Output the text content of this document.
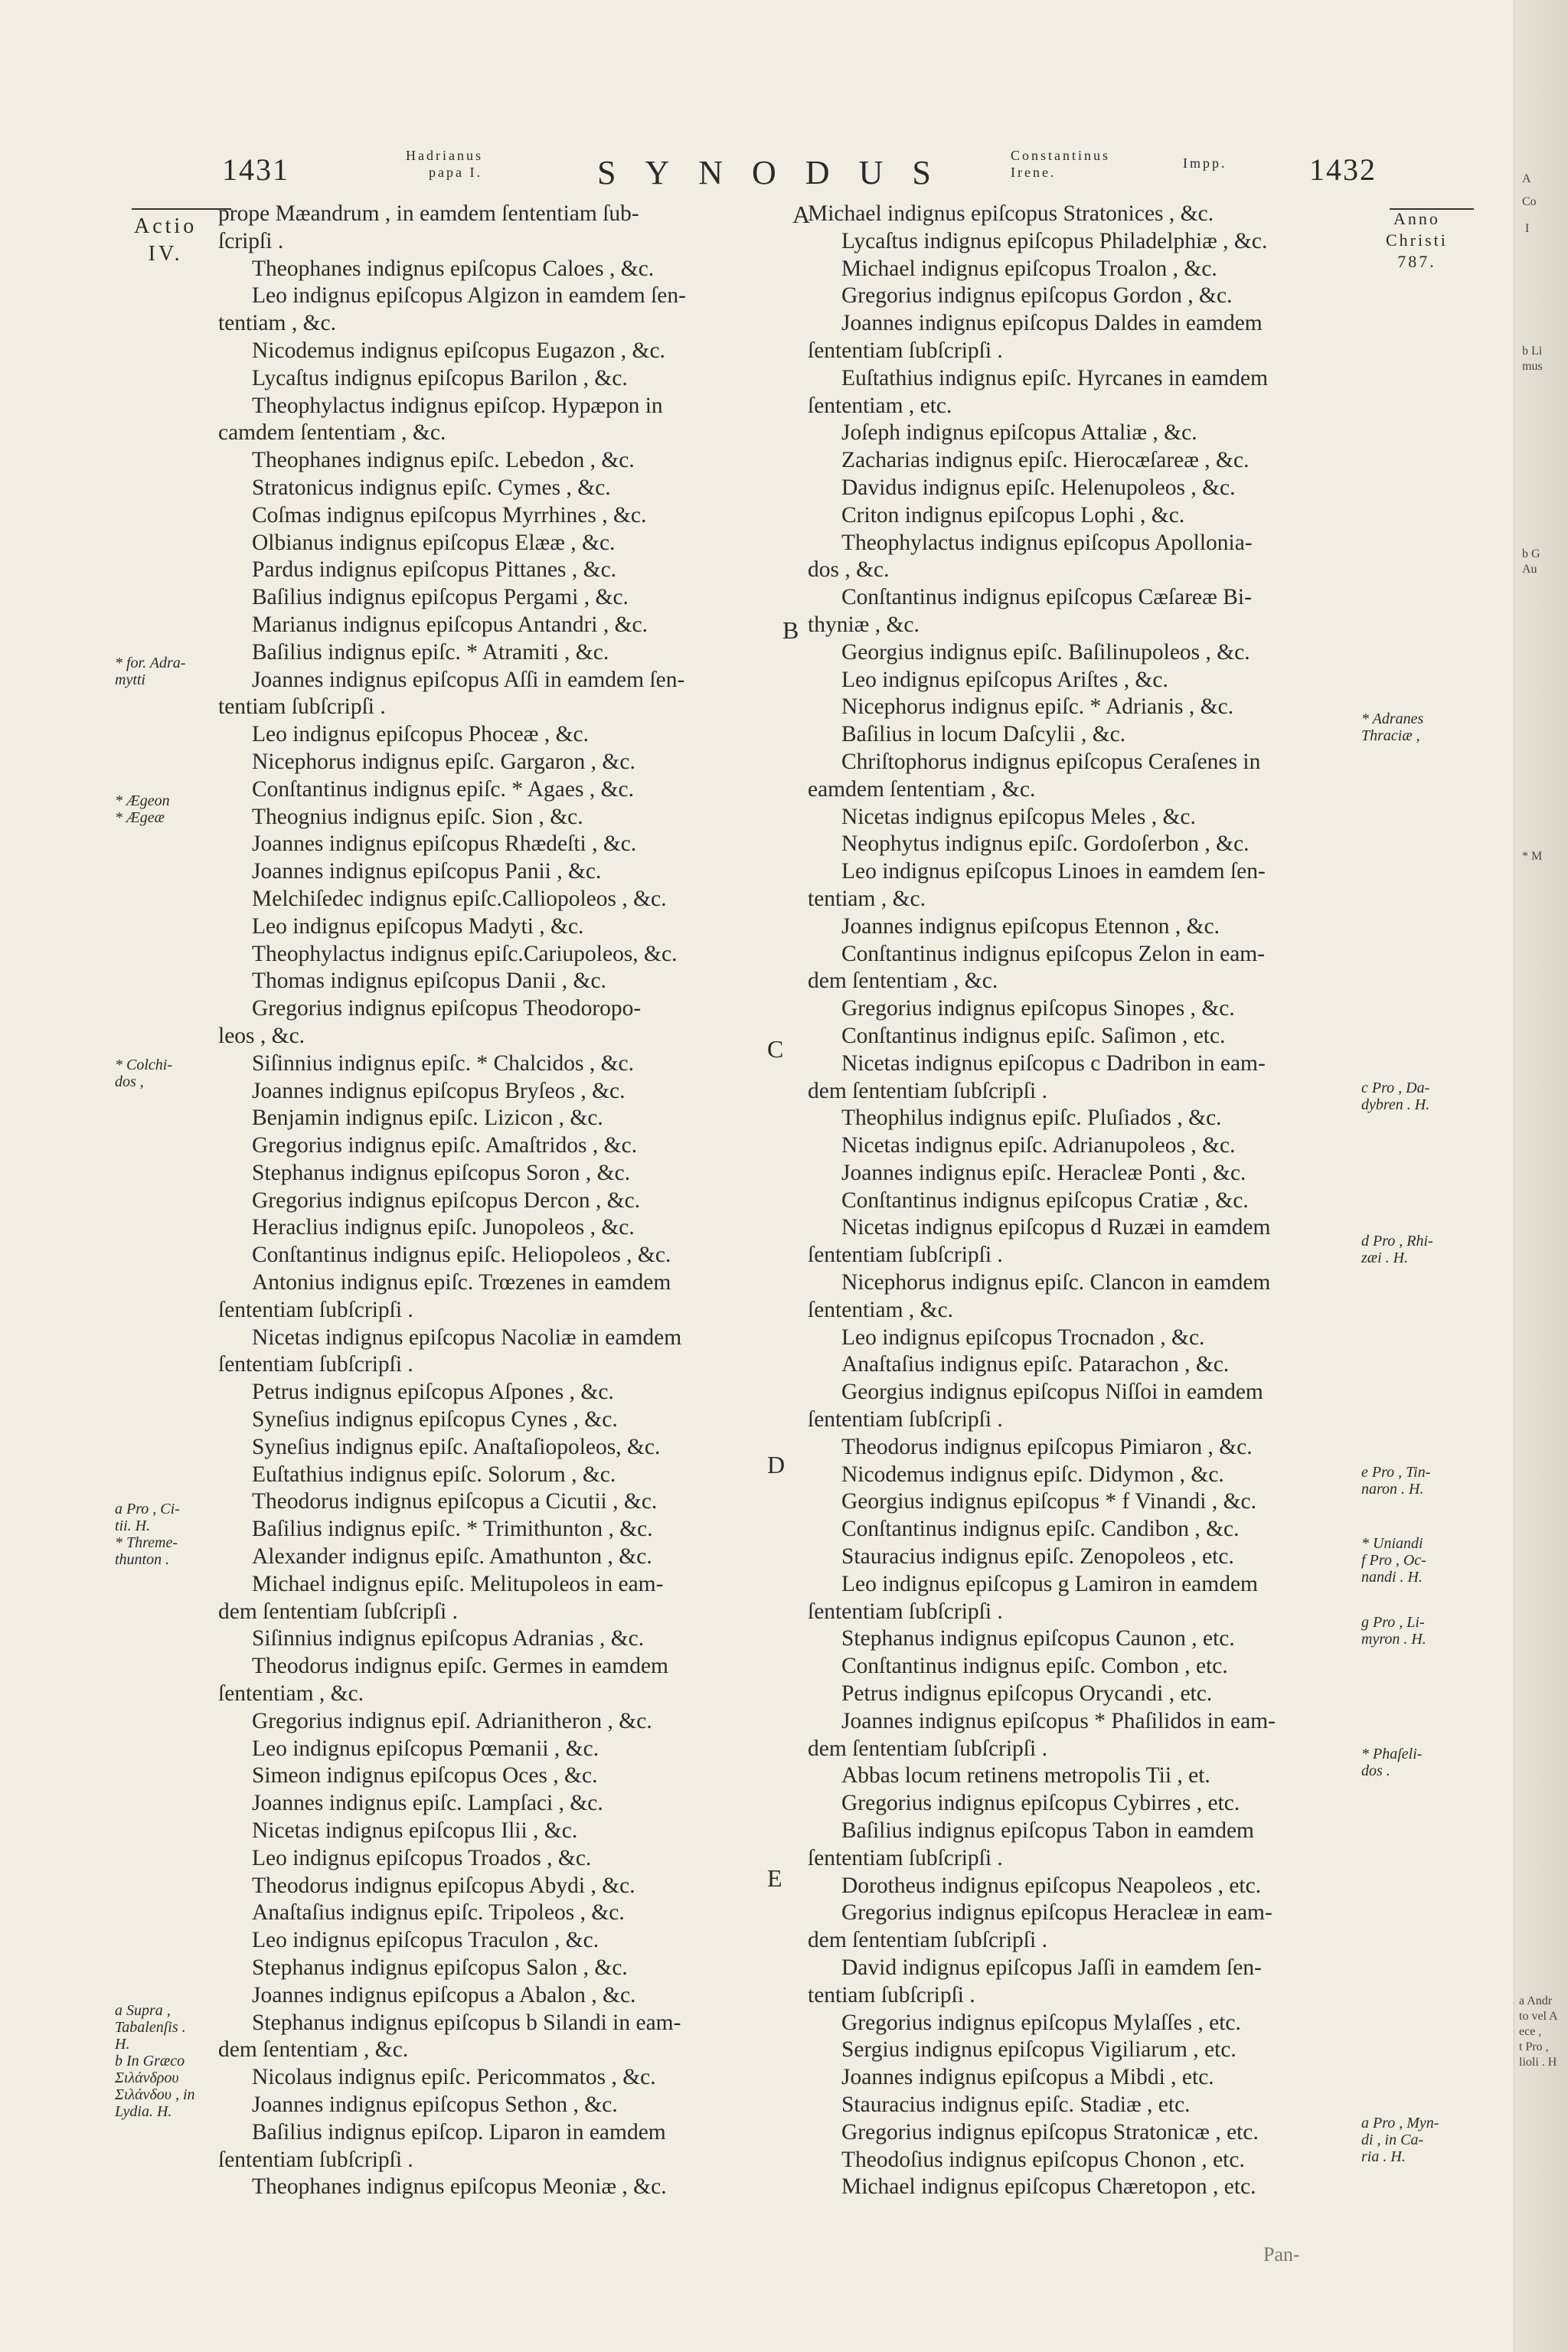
A
Co
I
b Li
mus
b G
Au
* M
a Andr
to vel A
ece ,
t Pro ,
lioli . H
1431	Hadrianus
papa I.	SYNODUS	Constantinus
Irene.
Impp.	1432
Actio
IV.
Anno
Christi
787.
prope Mæandrum , in eamdem ſententiam ſub-
ſcripſi .
Theophanes indignus epiſcopus Caloes , &c.
Leo indignus epiſcopus Algizon in eamdem ſen-
tentiam , &c.
Nicodemus indignus epiſcopus Eugazon , &c.
Lycaſtus indignus epiſcopus Barilon , &c.
Theophylactus indignus epiſcop. Hypæpon in
camdem ſententiam , &c.
Theophanes indignus epiſc. Lebedon , &c.
Stratonicus indignus epiſc. Cymes , &c.
Coſmas indignus epiſcopus Myrrhines , &c.
Olbianus indignus epiſcopus Elææ , &c.
Pardus indignus epiſcopus Pittanes , &c.
Baſilius indignus epiſcopus Pergami , &c.
Marianus indignus epiſcopus Antandri , &c.
Baſilius indignus epiſc. * Atramiti , &c.
Joannes indignus epiſcopus Aſſi in eamdem ſen-
tentiam ſubſcripſi .
Leo indignus epiſcopus Phoceæ , &c.
Nicephorus indignus epiſc. Gargaron , &c.
Conſtantinus indignus epiſc. * Agaes , &c.
Theognius indignus epiſc. Sion , &c.
Joannes indignus epiſcopus Rhædeſti , &c.
Joannes indignus epiſcopus Panii , &c.
Melchiſedec indignus epiſc.Calliopoleos , &c.
Leo indignus epiſcopus Madyti , &c.
Theophylactus indignus epiſc.Cariupoleos, &c.
Thomas indignus epiſcopus Danii , &c.
Gregorius indignus epiſcopus Theodoropo-
leos , &c.
Siſinnius indignus epiſc. * Chalcidos , &c.
Joannes indignus epiſcopus Bryſeos , &c.
Benjamin indignus epiſc. Lizicon , &c.
Gregorius indignus epiſc. Amaſtridos , &c.
Stephanus indignus epiſcopus Soron , &c.
Gregorius indignus epiſcopus Dercon , &c.
Heraclius indignus epiſc. Junopoleos , &c.
Conſtantinus indignus epiſc. Heliopoleos , &c.
Antonius indignus epiſc. Trœzenes in eamdem
ſententiam ſubſcripſi .
Nicetas indignus epiſcopus Nacoliæ in eamdem
ſententiam ſubſcripſi .
Petrus indignus epiſcopus Aſpones , &c.
Syneſius indignus epiſcopus Cynes , &c.
Syneſius indignus epiſc. Anaſtaſiopoleos, &c.
Euſtathius indignus epiſc. Solorum , &c.
Theodorus indignus epiſcopus a Cicutii , &c.
Baſilius indignus epiſc. * Trimithunton , &c.
Alexander indignus epiſc. Amathunton , &c.
Michael indignus epiſc. Melitupoleos in eam-
dem ſententiam ſubſcripſi .
Siſinnius indignus epiſcopus Adranias , &c.
Theodorus indignus epiſc. Germes in eamdem
ſententiam , &c.
Gregorius indignus epiſ. Adrianitheron , &c.
Leo indignus epiſcopus Pœmanii , &c.
Simeon indignus epiſcopus Oces , &c.
Joannes indignus epiſc. Lampſaci , &c.
Nicetas indignus epiſcopus Ilii , &c.
Leo indignus epiſcopus Troados , &c.
Theodorus indignus epiſcopus Abydi , &c.
Anaſtaſius indignus epiſc. Tripoleos , &c.
Leo indignus epiſcopus Traculon , &c.
Stephanus indignus epiſcopus Salon , &c.
Joannes indignus epiſcopus a Abalon , &c.
Stephanus indignus epiſcopus b Silandi in eam-
dem ſententiam , &c.
Nicolaus indignus epiſc. Pericommatos , &c.
Joannes indignus epiſcopus Sethon , &c.
Baſilius indignus epiſcop. Liparon in eamdem
ſententiam ſubſcripſi .
Theophanes indignus epiſcopus Meoniæ , &c.
Michael indignus epiſcopus Stratonices , &c.
Lycaſtus indignus epiſcopus Philadelphiæ , &c.
Michael indignus epiſcopus Troalon , &c.
Gregorius indignus epiſcopus Gordon , &c.
Joannes indignus epiſcopus Daldes in eamdem
ſententiam ſubſcripſi .
Euſtathius indignus epiſc. Hyrcanes in eamdem
ſententiam , etc.
Joſeph indignus epiſcopus Attaliæ , &c.
Zacharias indignus epiſc. Hierocæſareæ , &c.
Davidus indignus epiſc. Helenupoleos , &c.
Criton indignus epiſcopus Lophi , &c.
Theophylactus indignus epiſcopus Apollonia-
dos , &c.
Conſtantinus indignus epiſcopus Cæſareæ Bi-
thyniæ , &c.
Georgius indignus epiſc. Baſilinupoleos , &c.
Leo indignus epiſcopus Ariſtes , &c.
Nicephorus indignus epiſc. * Adrianis , &c.
Baſilius in locum Daſcylii , &c.
Chriſtophorus indignus epiſcopus Ceraſenes in
eamdem ſententiam , &c.
Nicetas indignus epiſcopus Meles , &c.
Neophytus indignus epiſc. Gordoſerbon , &c.
Leo indignus epiſcopus Linoes in eamdem ſen-
tentiam , &c.
Joannes indignus epiſcopus Etennon , &c.
Conſtantinus indignus epiſcopus Zelon in eam-
dem ſententiam , &c.
Gregorius indignus epiſcopus Sinopes , &c.
Conſtantinus indignus epiſc. Saſimon , etc.
Nicetas indignus epiſcopus c Dadribon in eam-
dem ſententiam ſubſcripſi .
Theophilus indignus epiſc. Pluſiados , &c.
Nicetas indignus epiſc. Adrianupoleos , &c.
Joannes indignus epiſc. Heracleæ Ponti , &c.
Conſtantinus indignus epiſcopus Cratiæ , &c.
Nicetas indignus epiſcopus d Ruzæi in eamdem
ſententiam ſubſcripſi .
Nicephorus indignus epiſc. Clancon in eamdem
ſententiam , &c.
Leo indignus epiſcopus Trocnadon , &c.
Anaſtaſius indignus epiſc. Patarachon , &c.
Georgius indignus epiſcopus Niſſoi in eamdem
ſententiam ſubſcripſi .
Theodorus indignus epiſcopus Pimiaron , &c.
Nicodemus indignus epiſc. Didymon , &c.
Georgius indignus epiſcopus * f Vinandi , &c.
Conſtantinus indignus epiſc. Candibon , &c.
Stauracius indignus epiſc. Zenopoleos , etc.
Leo indignus epiſcopus g Lamiron in eamdem
ſententiam ſubſcripſi .
Stephanus indignus epiſcopus Caunon , etc.
Conſtantinus indignus epiſc. Combon , etc.
Petrus indignus epiſcopus Orycandi , etc.
Joannes indignus epiſcopus * Phaſilidos in eam-
dem ſententiam ſubſcripſi .
Abbas locum retinens metropolis Tii , et.
Gregorius indignus epiſcopus Cybirres , etc.
Baſilius indignus epiſcopus Tabon in eamdem
ſententiam ſubſcripſi .
Dorotheus indignus epiſcopus Neapoleos , etc.
Gregorius indignus epiſcopus Heracleæ in eam-
dem ſententiam ſubſcripſi .
David indignus epiſcopus Jaſſi in eamdem ſen-
tentiam ſubſcripſi .
Gregorius indignus epiſcopus Mylaſſes , etc.
Sergius indignus epiſcopus Vigiliarum , etc.
Joannes indignus epiſcopus a Mibdi , etc.
Stauracius indignus epiſc. Stadiæ , etc.
Gregorius indignus epiſcopus Stratonicæ , etc.
Theodoſius indignus epiſcopus Chonon , etc.
Michael indignus epiſcopus Chæretopon , etc.
Pan-
A
B
C
D
E
* for. Adra-
mytti
* Ægeon
* Ægeæ
* Colchi-
dos ,
a Pro , Ci-
tii. H.
* Threme-
thunton .
a Supra ,
Tabalenſis .
H.
b In Græco
Σιλάνδρου
Σιλάνδου , in
Lydia. H.
* Adranes
Thraciæ ,
c Pro , Da-
dybren . H.
d Pro , Rhi-
zæi . H.
e Pro , Tin-
naron . H.
* Uniandi
f Pro , Oc-
nandi . H.
g Pro , Li-
myron . H.
* Phaſeli-
dos .
a Pro , Myn-
di , in Ca-
ria . H.
